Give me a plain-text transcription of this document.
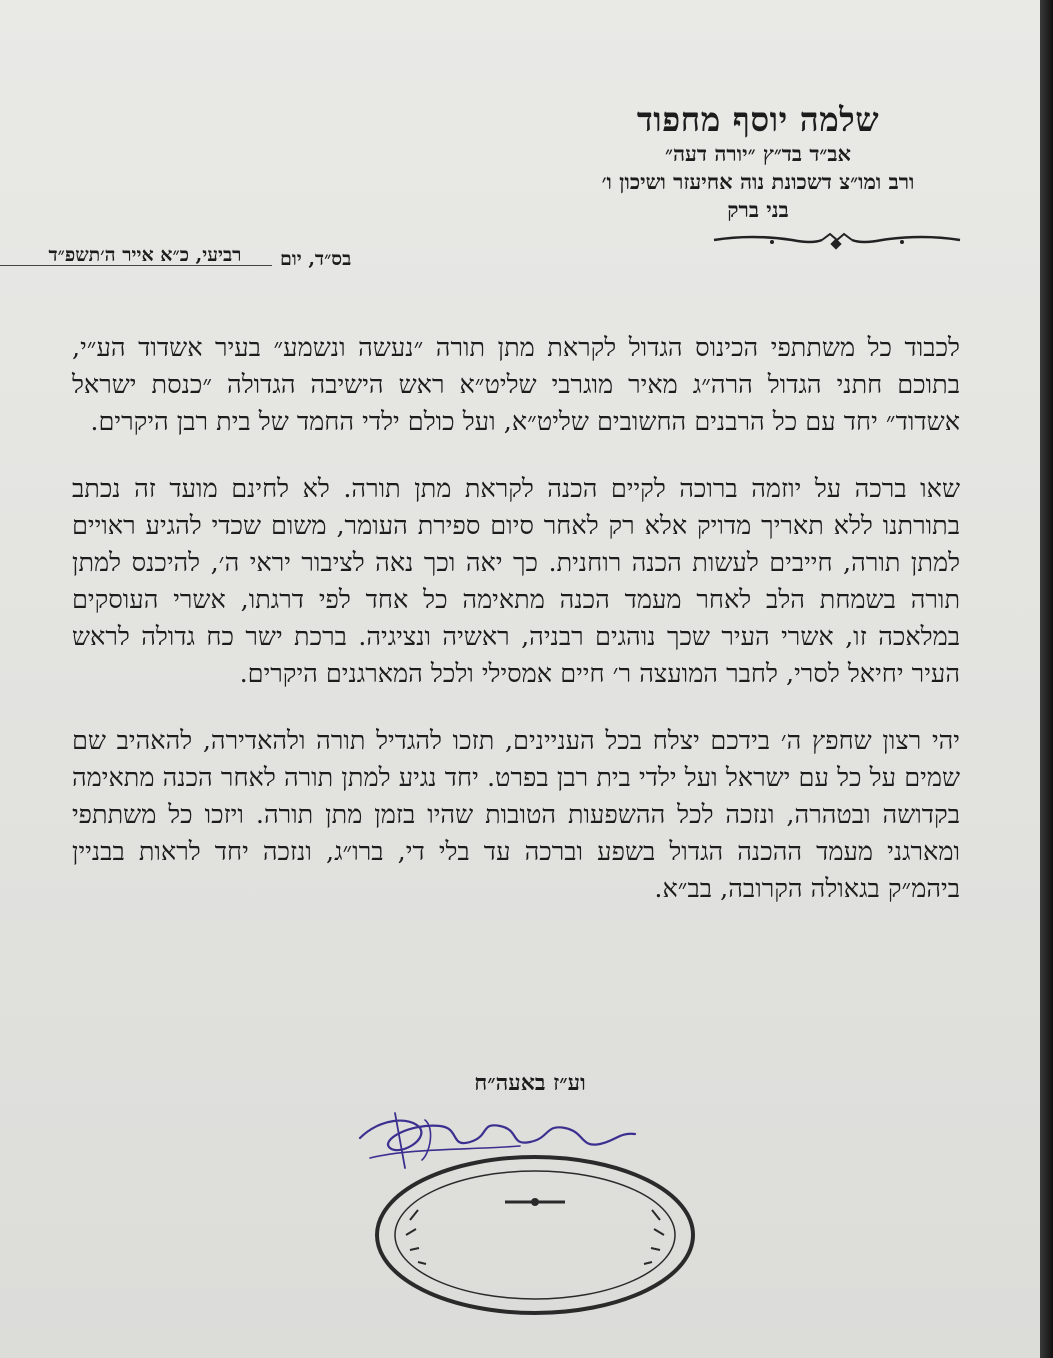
שלמה יוסף מחפוד
אב״ד בד״ץ ״יורה דעה״
ורב ומו״צ דשכונת נוה אחיעזר ושיכון ו׳
בני ברק
בס״ד, יום
רביעי, כ״א אייר ה׳תשפ״ד

לכבוד כל משתתפי הכינוס הגדול לקראת מתן תורה ״נעשה ונשמע״ בעיר אשדוד הע״י, בתוכם חתני הגדול הרה״ג מאיר מוגרבי שליט״א ראש הישיבה הגדולה ״כנסת ישראל אשדוד״ יחד עם כל הרבנים החשובים שליט״א, ועל כולם ילדי החמד של בית רבן היקרים.

שאו ברכה על יוזמה ברוכה לקיים הכנה לקראת מתן תורה. לא לחינם מועד זה נכתב בתורתנו ללא תאריך מדויק אלא רק לאחר סיום ספירת העומר, משום שכדי להגיע ראויים למתן תורה, חייבים לעשות הכנה רוחנית. כך יאה וכך נאה לציבור יראי ה׳, להיכנס למתן תורה בשמחת הלב לאחר מעמד הכנה מתאימה כל אחד לפי דרגתו, אשרי העוסקים במלאכה זו, אשרי העיר שכך נוהגים רבניה, ראשיה ונציגיה. ברכת ישר כח גדולה לראש העיר יחיאל לסרי, לחבר המועצה ר׳ חיים אמסילי ולכל המארגנים היקרים.

יהי רצון שחפץ ה׳ בידכם יצלח בכל העניינים, תזכו להגדיל תורה ולהאדירה, להאהיב שם שמים על כל עם ישראל ועל ילדי בית רבן בפרט. יחד נגיע למתן תורה לאחר הכנה מתאימה בקדושה ובטהרה, ונזכה לכל ההשפעות הטובות שהיו בזמן מתן תורה. ויזכו כל משתתפי ומארגני מעמד ההכנה הגדול בשפע וברכה עד בלי די, ברו״ג, ונזכה יחד לראות בבניין ביהמ״ק בגאולה הקרובה, בב״א.

וע״ז באעה״ח
